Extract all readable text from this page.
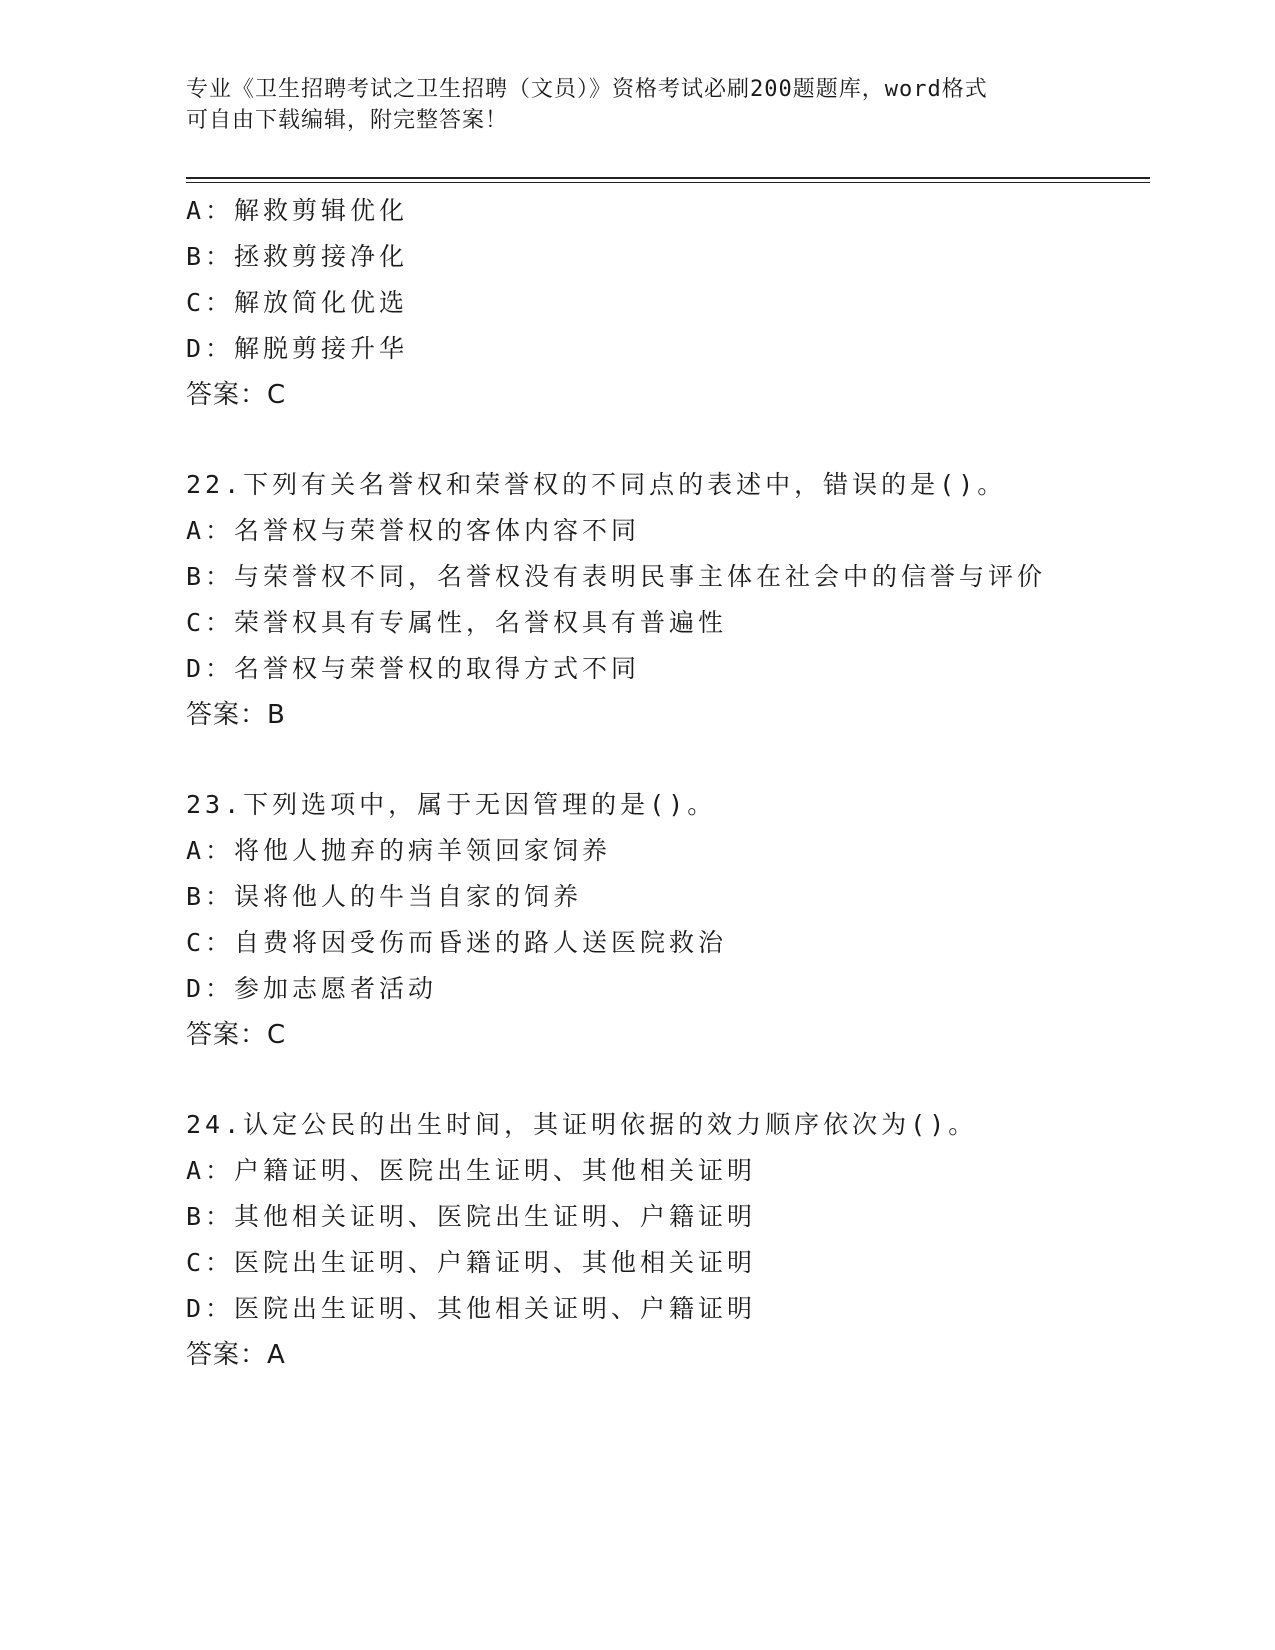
专业《卫生招聘考试之卫生招聘（文员）》资格考试必刷200题题库，word格式
可自由下载编辑，附完整答案！
A：解救剪辑优化
B：拯救剪接净化
C：解放简化优选
D：解脱剪接升华
答案：C
22.下列有关名誉权和荣誉权的不同点的表述中，错误的是()。
A：名誉权与荣誉权的客体内容不同
B：与荣誉权不同，名誉权没有表明民事主体在社会中的信誉与评价
C：荣誉权具有专属性，名誉权具有普遍性
D：名誉权与荣誉权的取得方式不同
答案：B
23.下列选项中，属于无因管理的是()。
A：将他人抛弃的病羊领回家饲养
B：误将他人的牛当自家的饲养
C：自费将因受伤而昏迷的路人送医院救治
D：参加志愿者活动
答案：C
24.认定公民的出生时间，其证明依据的效力顺序依次为()。
A：户籍证明、医院出生证明、其他相关证明
B：其他相关证明、医院出生证明、户籍证明
C：医院出生证明、户籍证明、其他相关证明
D：医院出生证明、其他相关证明、户籍证明
答案：A
